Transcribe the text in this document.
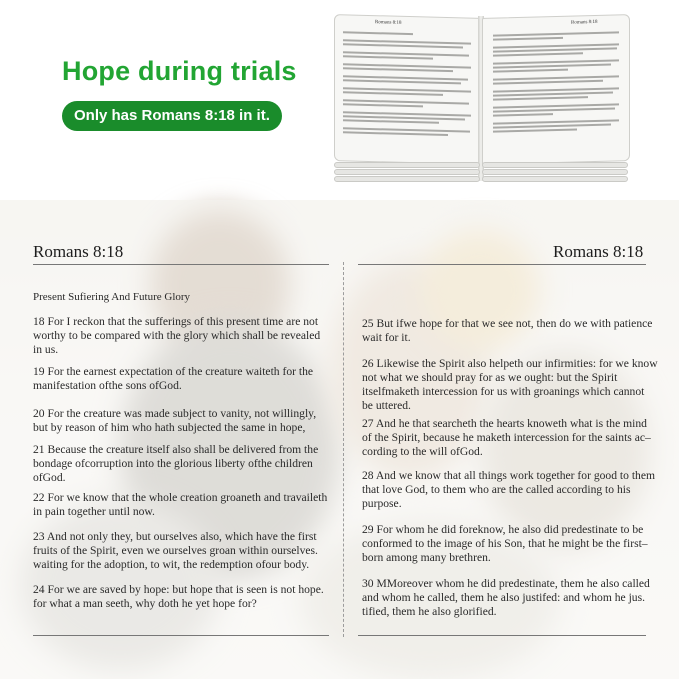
Hope during trials
Only has Romans 8:18 in it.
Romans 8:18	Romans 8:18
Romans 8:18	Romans 8:18

Present Sufiering And Future Glory

18 For I reckon that the sufferings of this present time are not worthy to be compared with the glory which shall be revealed in us.

19 For the earnest expectation of the creature waiteth for the manifestation ofthe sons ofGod.

20 For the creature was made subject to vanity, not willingly, but by reason of him who hath subjected the same in hope,

21 Because the creature itself also shall be delivered from the bondage ofcorruption into the glorious liberty ofthe children ofGod.

22 For we know that the whole creation groaneth and travaileth in pain together until now.

23 And not only they, but ourselves also, which have the first fruits of the Spirit, even we ourselves groan within ourselves. waiting for the adoption, to wit, the redemption ofour body.

24 For we are saved by hope: but hope that is seen is not hope. for what a man seeth, why doth he yet hope for?

25 But ifwe hope for that we see not, then do we with patience wait for it.

26 Likewise the Spirit also helpeth our infirmities: for we know not what we should pray for as we ought: but the Spirit itselfmaketh intercession for us with groanings which cannot be uttered.

27 And he that searcheth the hearts knoweth what is the mind of the Spirit, because he maketh intercession for the saints ac–cording to the will ofGod.

28 And we know that all things work together for good to them that love God, to them who are the called according to his purpose.

29 For whom he did foreknow, he also did predestinate to be conformed to the image of his Son, that he might be the first–born among many brethren.

30 MMoreover whom he did predestinate, them he also called and whom he called, them he also justifed: and whom he jus. tified, them he also glorified.
